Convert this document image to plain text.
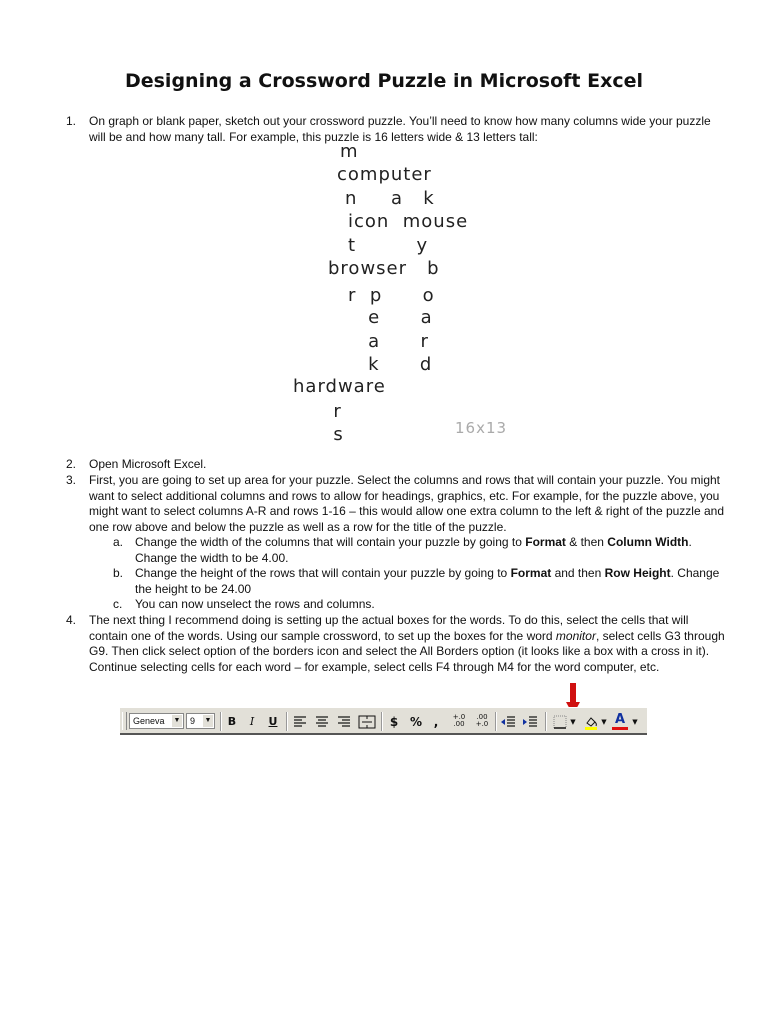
Designing a Crossword Puzzle in Microsoft Excel
1. On graph or blank paper, sketch out your crossword puzzle. You’ll need to know how many columns wide your puzzle will be and how many tall. For example, this puzzle is 16 letters wide & 13 letters tall:
m
computer
n     a   k
icon  mouse
t         y
browser   b
r  p      o
e      a
a      r
k      d
hardware
r
s	16x13
2. Open Microsoft Excel.
3. First, you are going to set up area for your puzzle. Select the columns and rows that will contain your puzzle. You might want to select additional columns and rows to allow for headings, graphics, etc. For example, for the puzzle above, you might want to select columns A-R and rows 1-16 – this would allow one extra column to the left & right of the puzzle and one row above and below the puzzle as well as a row for the title of the puzzle.
a. Change the width of the columns that will contain your puzzle by going to Format & then Column Width. Change the width to be 4.00.
b. Change the height of the rows that will contain your puzzle by going to Format and then Row Height. Change the height to be 24.00
c. You can now unselect the rows and columns.
4. The next thing I recommend doing is setting up the actual boxes for the words. To do this, select the cells that will contain one of the words. Using our sample crossword, to set up the boxes for the word monitor, select cells G3 through G9. Then click select option of the borders icon and select the All Borders option (it looks like a box with a cross in it). Continue selecting cells for each word – for example, select cells F4 through M4 for the word computer, etc.
Geneva ▼	9 ▼	B	I	U	$ % ,	+.0
.00
.00
+.0	▼	▼ A	▼
